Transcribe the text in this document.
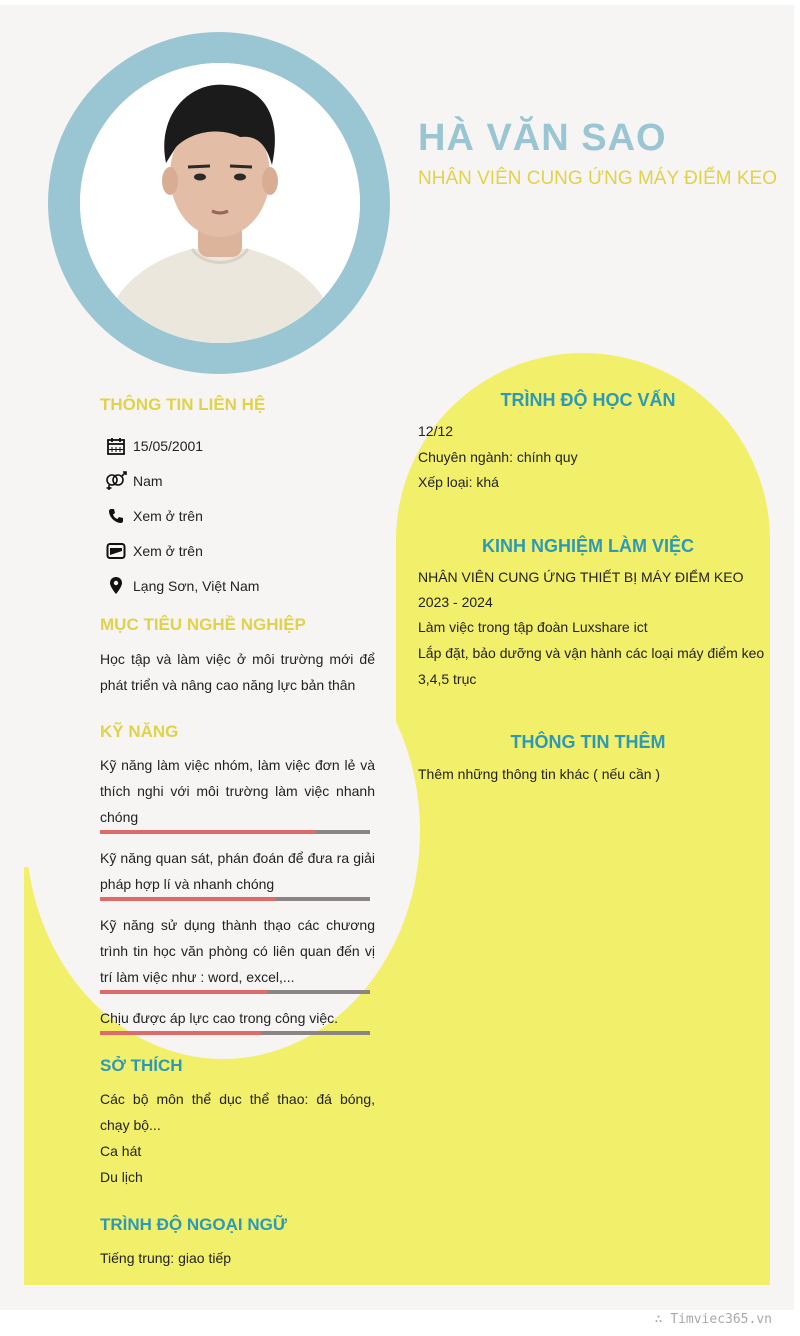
HÀ VĂN SAO
NHÂN VIÊN CUNG ỨNG MÁY ĐIỂM KEO
THÔNG TIN LIÊN HỆ
15/05/2001
Nam
Xem ở trên
Xem ở trên
Lạng Sơn, Việt Nam
MỤC TIÊU NGHỀ NGHIỆP
Học tập và làm việc ở môi trường mới để phát triển và nâng cao năng lực bản thân
KỸ NĂNG
Kỹ năng làm việc nhóm, làm việc đơn lẻ và thích nghi với môi trường làm việc nhanh chóng
Kỹ năng quan sát, phán đoán để đưa ra giải pháp hợp lí và nhanh chóng
Kỹ năng sử dụng thành thạo các chương trình tin học văn phòng có liên quan đến vị trí làm việc như : word, excel,...
Chịu được áp lực cao trong công việc.
SỞ THÍCH
Các bộ môn thể dục thể thao: đá bóng, chạy bộ...
Ca hát
Du lịch
TRÌNH ĐỘ NGOẠI NGỮ
Tiếng trung: giao tiếp
TRÌNH ĐỘ HỌC VẤN
12/12
Chuyên ngành: chính quy
Xếp loại: khá
KINH NGHIỆM LÀM VIỆC
NHÂN VIÊN CUNG ỨNG THIẾT BỊ MÁY ĐIỂM KEO
2023 - 2024
Làm việc trong tập đoàn Luxshare ict
Lắp đặt, bảo dưỡng và vận hành các loại máy điểm keo 3,4,5 trục
THÔNG TIN THÊM
Thêm những thông tin khác ( nếu cần )
∴ Timviec365.vn
